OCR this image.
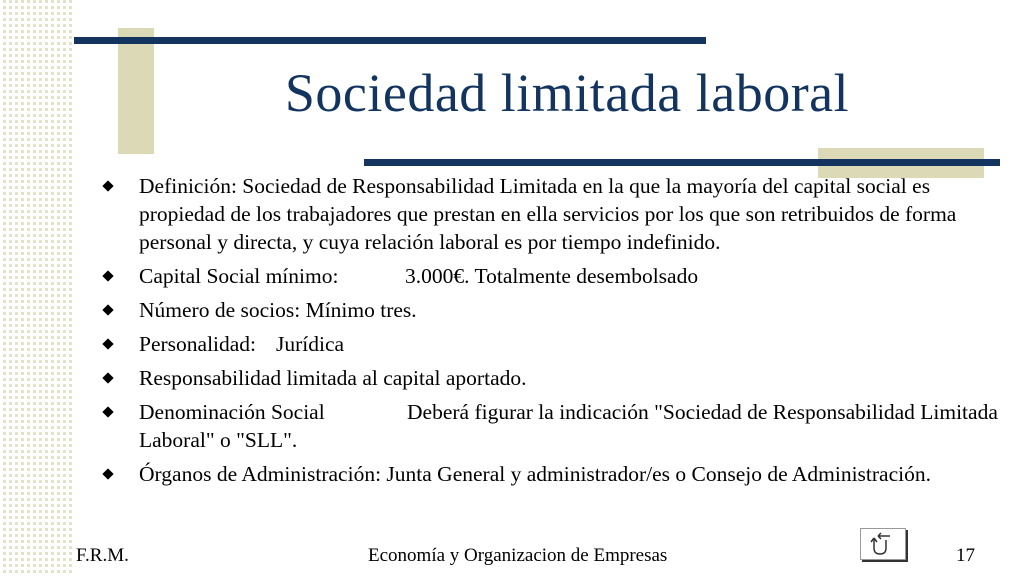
Sociedad limitada laboral
Definición: Sociedad de Responsabilidad Limitada en la que la mayoría del capital social es propiedad de los trabajadores que prestan en ella servicios por los que son retribuidos de forma personal y directa, y cuya relación laboral es por tiempo indefinido.
Capital Social mínimo:	3.000€. Totalmente desembolsado
Número de socios: Mínimo tres.
Personalidad: Jurídica
Responsabilidad limitada al capital aportado.
Denominación Social	Deberá figurar la indicación "Sociedad de Responsabilidad Limitada Laboral" o "SLL".
Órganos de Administración: Junta General y administrador/es o Consejo de Administración.
F.R.M.	Economía y Organizacion de Empresas	17
